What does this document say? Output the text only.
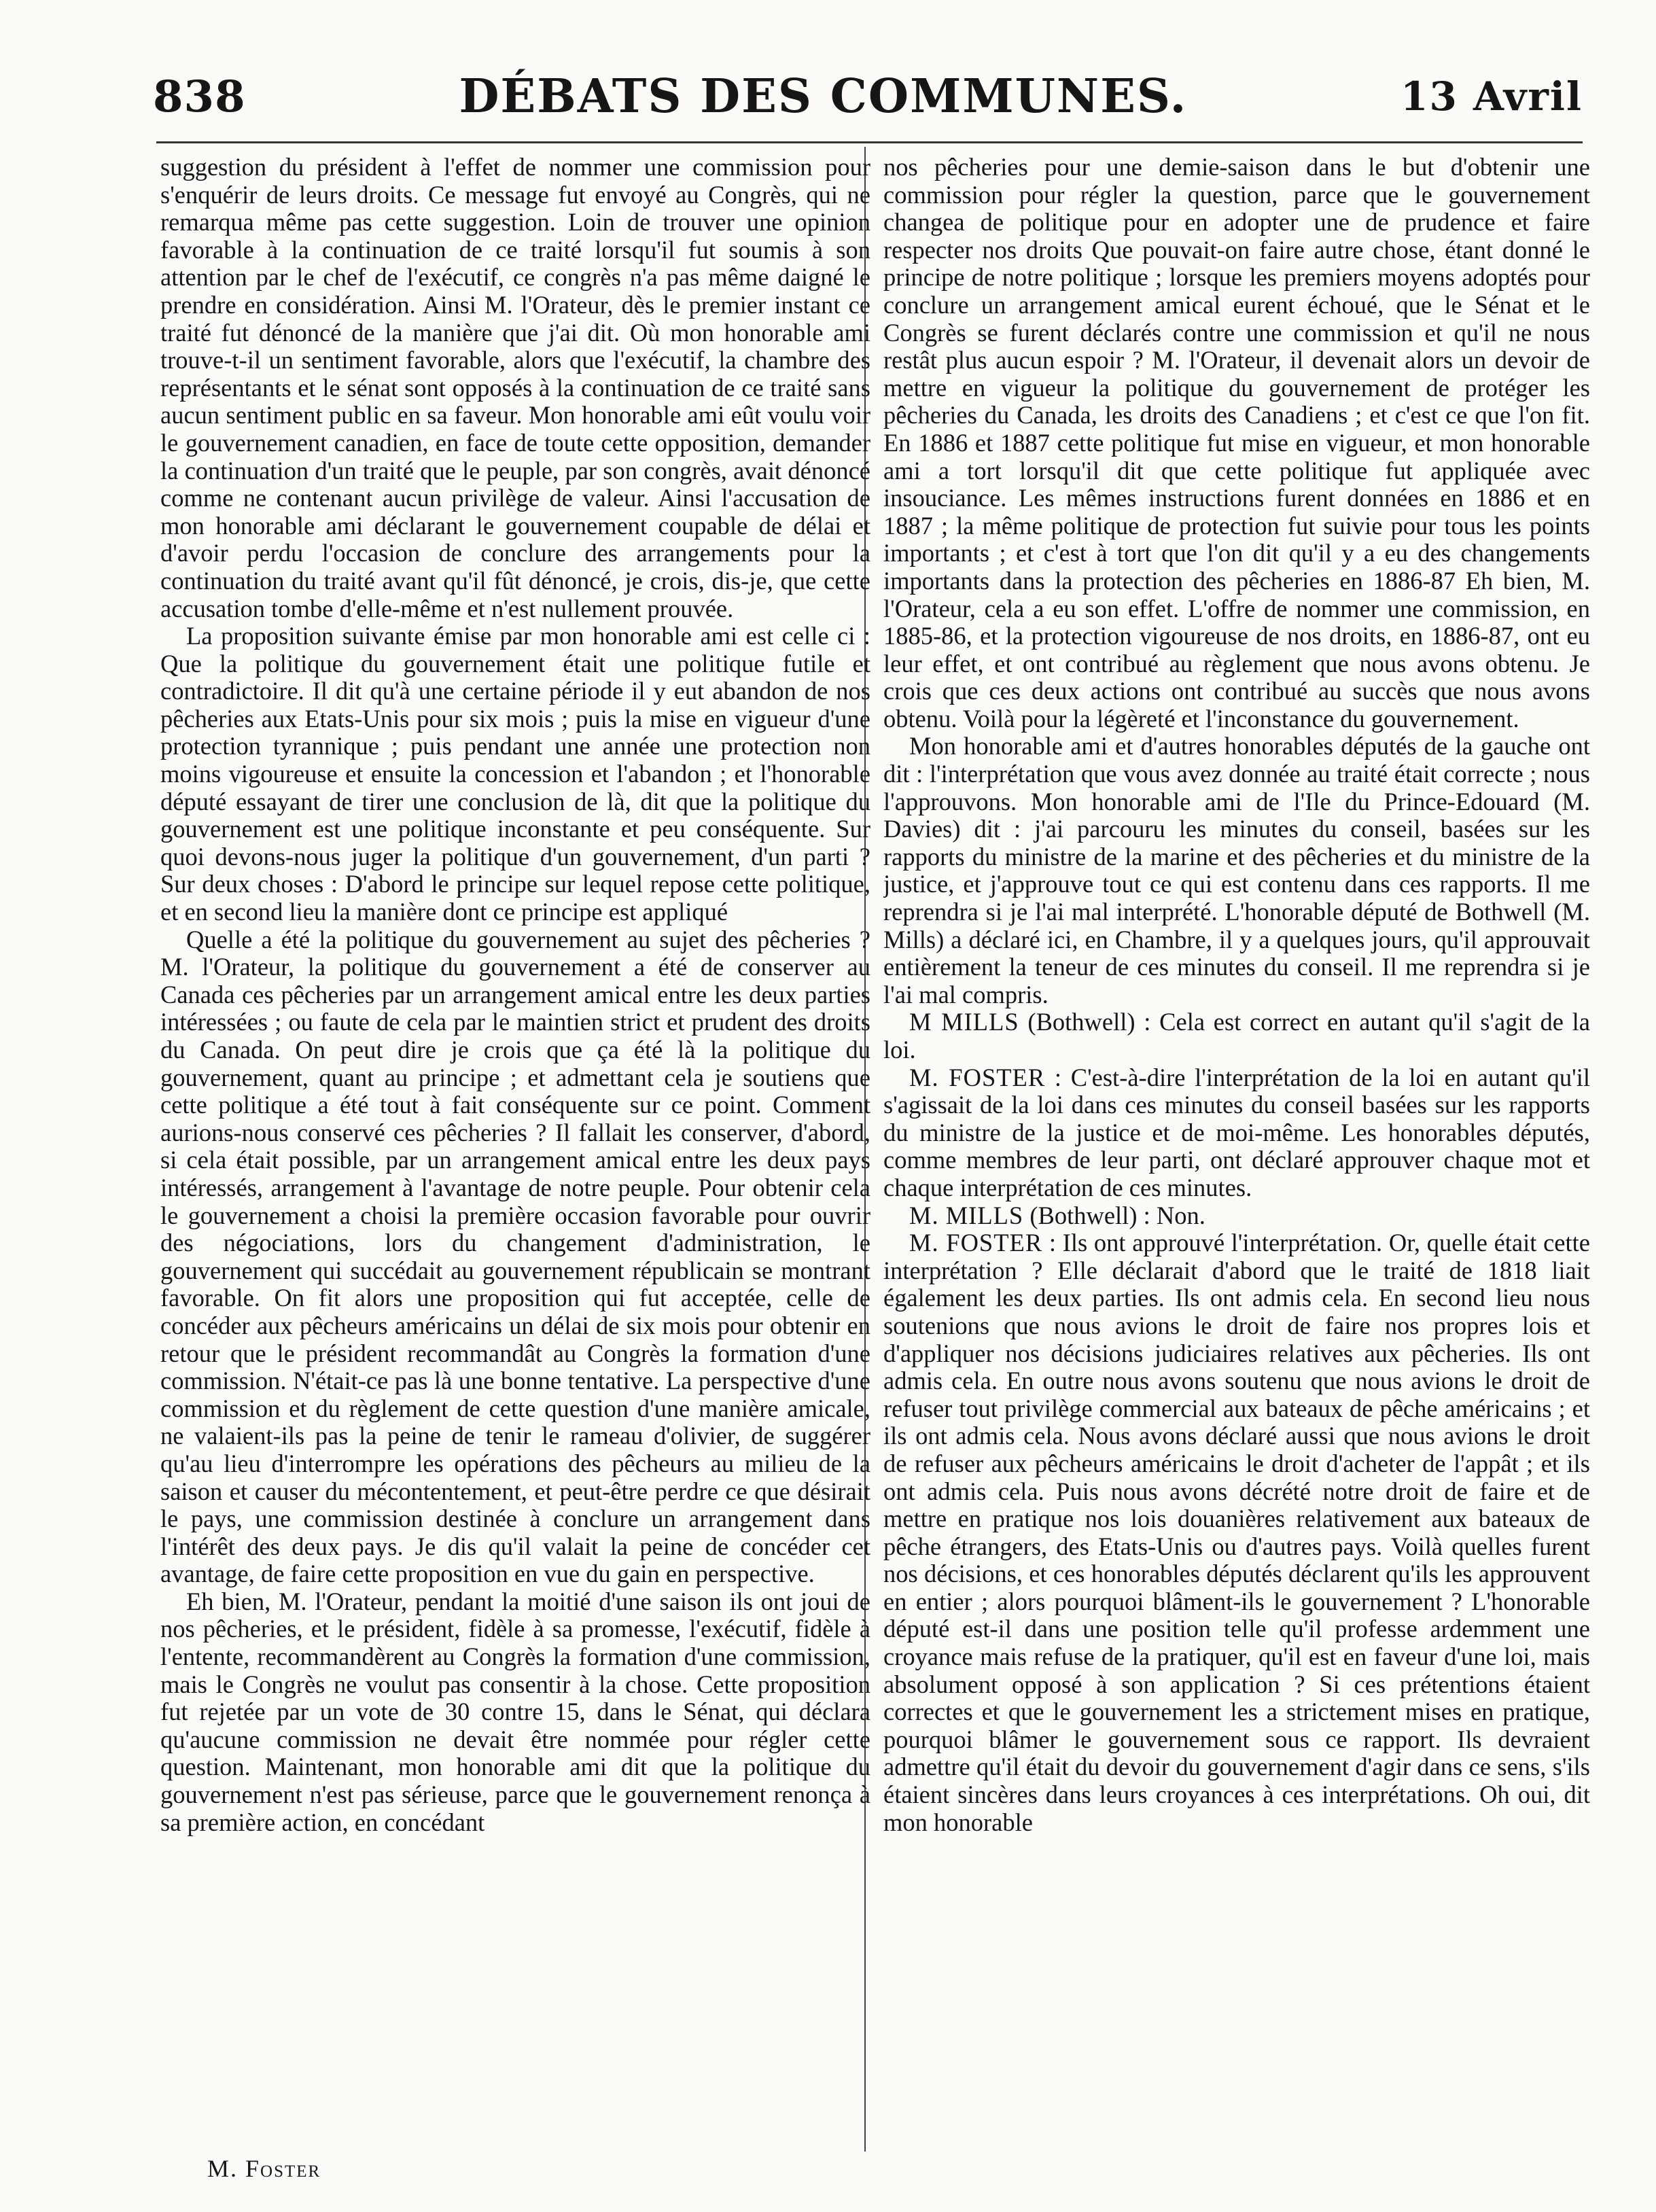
838	DÉBATS DES COMMUNES.	13 Avril

suggestion du président à l'effet de nommer une commission pour s'enquérir de leurs droits. Ce message fut envoyé au Congrès, qui ne remarqua même pas cette suggestion. Loin de trouver une opinion favorable à la continuation de ce traité lorsqu'il fut soumis à son attention par le chef de l'exécutif, ce congrès n'a pas même daigné le prendre en considération. Ainsi M. l'Orateur, dès le premier instant ce traité fut dénoncé de la manière que j'ai dit. Où mon honorable ami trouve-t-il un sentiment favorable, alors que l'exécutif, la chambre des représentants et le sénat sont opposés à la continuation de ce traité sans aucun sentiment public en sa faveur. Mon honorable ami eût voulu voir le gouvernement canadien, en face de toute cette opposition, demander la continuation d'un traité que le peuple, par son congrès, avait dénoncé comme ne contenant aucun privilège de valeur. Ainsi l'accusation de mon honorable ami déclarant le gouvernement coupable de délai et d'avoir perdu l'occasion de conclure des arrangements pour la continuation du traité avant qu'il fût dénoncé, je crois, dis-je, que cette accusation tombe d'elle-même et n'est nullement prouvée.

La proposition suivante émise par mon honorable ami est celle ci : Que la politique du gouvernement était une politique futile et contradictoire. Il dit qu'à une certaine période il y eut abandon de nos pêcheries aux Etats-Unis pour six mois ; puis la mise en vigueur d'une protection tyrannique ; puis pendant une année une protection non moins vigoureuse et ensuite la concession et l'abandon ; et l'honorable député essayant de tirer une conclusion de là, dit que la politique du gouvernement est une politique inconstante et peu conséquente. Sur quoi devons-nous juger la politique d'un gouvernement, d'un parti ? Sur deux choses : D'abord le principe sur lequel repose cette politique, et en second lieu la manière dont ce principe est appliqué

Quelle a été la politique du gouvernement au sujet des pêcheries ? M. l'Orateur, la politique du gouvernement a été de conserver au Canada ces pêcheries par un arrangement amical entre les deux parties intéressées ; ou faute de cela par le maintien strict et prudent des droits du Canada. On peut dire je crois que ça été là la politique du gouvernement, quant au principe ; et admettant cela je soutiens que cette politique a été tout à fait conséquente sur ce point. Comment aurions-nous conservé ces pêcheries ? Il fallait les conserver, d'abord, si cela était possible, par un arrangement amical entre les deux pays intéressés, arrangement à l'avantage de notre peuple. Pour obtenir cela le gouvernement a choisi la première occasion favorable pour ouvrir des négociations, lors du changement d'administration, le gouvernement qui succédait au gouvernement républicain se montrant favorable. On fit alors une proposition qui fut acceptée, celle de concéder aux pêcheurs américains un délai de six mois pour obtenir en retour que le président recommandât au Congrès la formation d'une commission. N'était-ce pas là une bonne tentative. La perspective d'une commission et du règlement de cette question d'une manière amicale, ne valaient-ils pas la peine de tenir le rameau d'olivier, de suggérer qu'au lieu d'interrompre les opérations des pêcheurs au milieu de la saison et causer du mécontentement, et peut-être perdre ce que désirait le pays, une commission destinée à conclure un arrangement dans l'intérêt des deux pays. Je dis qu'il valait la peine de concéder cet avantage, de faire cette proposition en vue du gain en perspective.

Eh bien, M. l'Orateur, pendant la moitié d'une saison ils ont joui de nos pêcheries, et le président, fidèle à sa promesse, l'exécutif, fidèle à l'entente, recommandèrent au Congrès la formation d'une commission, mais le Congrès ne voulut pas consentir à la chose. Cette proposition fut rejetée par un vote de 30 contre 15, dans le Sénat, qui déclara qu'aucune commission ne devait être nommée pour régler cette question. Maintenant, mon honorable ami dit que la politique du gouvernement n'est pas sérieuse, parce que le gouvernement renonça à sa première action, en concédant

nos pêcheries pour une demie-saison dans le but d'obtenir une commission pour régler la question, parce que le gouvernement changea de politique pour en adopter une de prudence et faire respecter nos droits Que pouvait-on faire autre chose, étant donné le principe de notre politique ; lorsque les premiers moyens adoptés pour conclure un arrangement amical eurent échoué, que le Sénat et le Congrès se furent déclarés contre une commission et qu'il ne nous restât plus aucun espoir ? M. l'Orateur, il devenait alors un devoir de mettre en vigueur la politique du gouvernement de protéger les pêcheries du Canada, les droits des Canadiens ; et c'est ce que l'on fit. En 1886 et 1887 cette politique fut mise en vigueur, et mon honorable ami a tort lorsqu'il dit que cette politique fut appliquée avec insouciance. Les mêmes instructions furent données en 1886 et en 1887 ; la même politique de protection fut suivie pour tous les points importants ; et c'est à tort que l'on dit qu'il y a eu des changements importants dans la protection des pêcheries en 1886-87 Eh bien, M. l'Orateur, cela a eu son effet. L'offre de nommer une commission, en 1885-86, et la protection vigoureuse de nos droits, en 1886-87, ont eu leur effet, et ont contribué au règlement que nous avons obtenu. Je crois que ces deux actions ont contribué au succès que nous avons obtenu. Voilà pour la légèreté et l'inconstance du gouvernement.

Mon honorable ami et d'autres honorables députés de la gauche ont dit : l'interprétation que vous avez donnée au traité était correcte ; nous l'approuvons. Mon honorable ami de l'Ile du Prince-Edouard (M. Davies) dit : j'ai parcouru les minutes du conseil, basées sur les rapports du ministre de la marine et des pêcheries et du ministre de la justice, et j'approuve tout ce qui est contenu dans ces rapports. Il me reprendra si je l'ai mal interprété. L'honorable député de Bothwell (M. Mills) a déclaré ici, en Chambre, il y a quelques jours, qu'il approuvait entièrement la teneur de ces minutes du conseil. Il me reprendra si je l'ai mal compris.

M MILLS (Bothwell) : Cela est correct en autant qu'il s'agit de la loi.

M. FOSTER : C'est-à-dire l'interprétation de la loi en autant qu'il s'agissait de la loi dans ces minutes du conseil basées sur les rapports du ministre de la justice et de moi-même. Les honorables députés, comme membres de leur parti, ont déclaré approuver chaque mot et chaque interprétation de ces minutes.

M. MILLS (Bothwell) : Non.

M. FOSTER : Ils ont approuvé l'interprétation. Or, quelle était cette interprétation ? Elle déclarait d'abord que le traité de 1818 liait également les deux parties. Ils ont admis cela. En second lieu nous soutenions que nous avions le droit de faire nos propres lois et d'appliquer nos décisions judiciaires relatives aux pêcheries. Ils ont admis cela. En outre nous avons soutenu que nous avions le droit de refuser tout privilège commercial aux bateaux de pêche américains ; et ils ont admis cela. Nous avons déclaré aussi que nous avions le droit de refuser aux pêcheurs américains le droit d'acheter de l'appât ; et ils ont admis cela. Puis nous avons décrété notre droit de faire et de mettre en pratique nos lois douanières relativement aux bateaux de pêche étrangers, des Etats-Unis ou d'autres pays. Voilà quelles furent nos décisions, et ces honorables députés déclarent qu'ils les approuvent en entier ; alors pourquoi blâment-ils le gouvernement ? L'honorable député est-il dans une position telle qu'il professe ardemment une croyance mais refuse de la pratiquer, qu'il est en faveur d'une loi, mais absolument opposé à son application ? Si ces prétentions étaient correctes et que le gouvernement les a strictement mises en pratique, pourquoi blâmer le gouvernement sous ce rapport. Ils devraient admettre qu'il était du devoir du gouvernement d'agir dans ce sens, s'ils étaient sincères dans leurs croyances à ces interprétations. Oh oui, dit mon honorable

M. Foster
